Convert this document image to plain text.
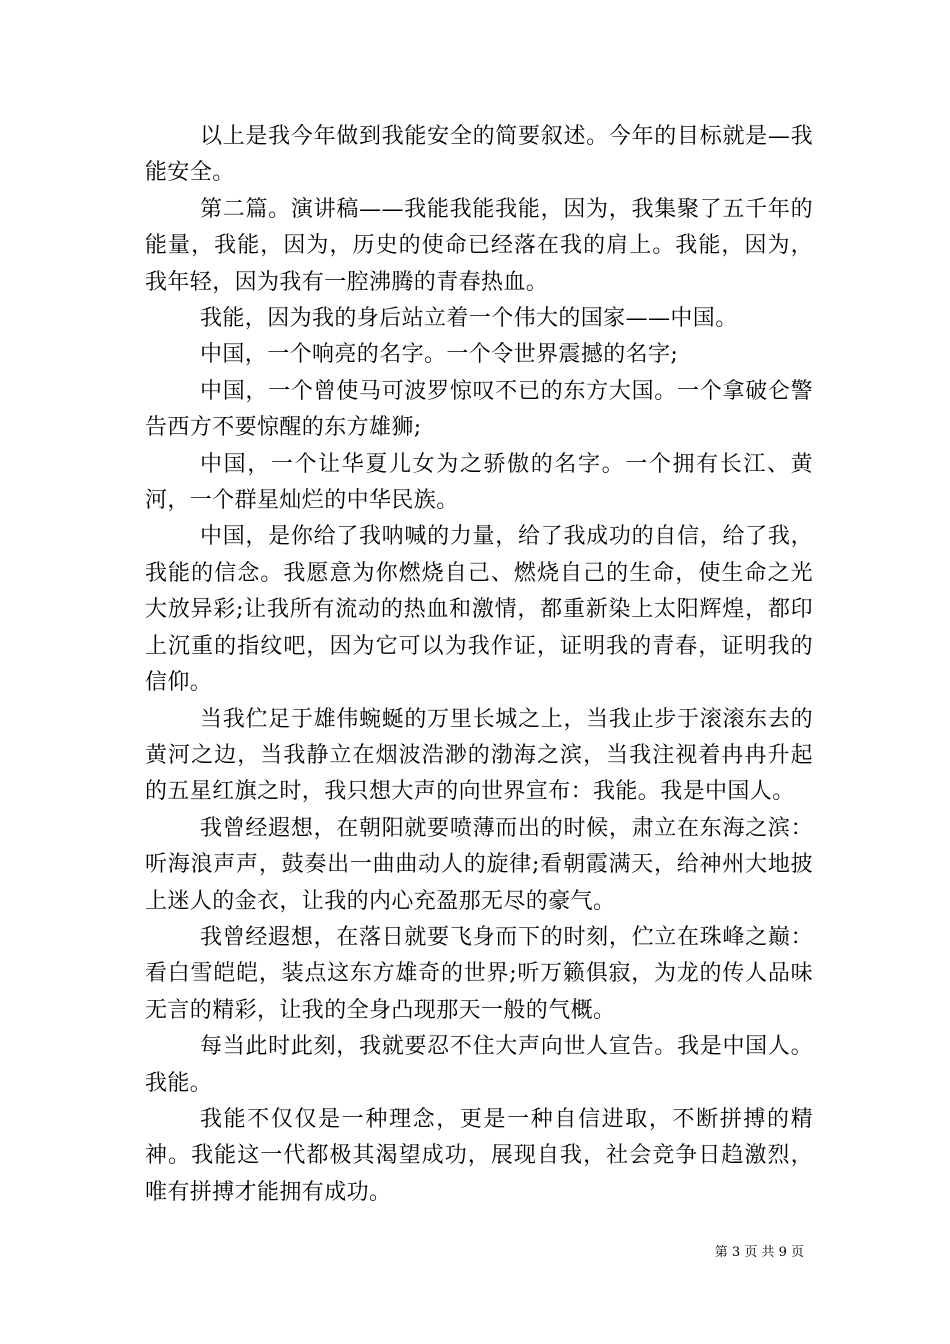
以上是我今年做到我能安全的简要叙述。今年的目标就是—我能安全。

第二篇。演讲稿——我能我能我能，因为，我集聚了五千年的能量，我能，因为，历史的使命已经落在我的肩上。我能，因为，我年轻，因为我有一腔沸腾的青春热血。

我能，因为我的身后站立着一个伟大的国家——中国。

中国，一个响亮的名字。一个令世界震撼的名字;

中国，一个曾使马可波罗惊叹不已的东方大国。一个拿破仑警告西方不要惊醒的东方雄狮;

中国，一个让华夏儿女为之骄傲的名字。一个拥有长江、黄河，一个群星灿烂的中华民族。

中国，是你给了我呐喊的力量，给了我成功的自信，给了我，我能的信念。我愿意为你燃烧自己、燃烧自己的生命，使生命之光大放异彩;让我所有流动的热血和激情，都重新染上太阳辉煌，都印上沉重的指纹吧，因为它可以为我作证，证明我的青春，证明我的信仰。

当我伫足于雄伟蜿蜒的万里长城之上，当我止步于滚滚东去的黄河之边，当我静立在烟波浩渺的渤海之滨，当我注视着冉冉升起的五星红旗之时，我只想大声的向世界宣布：我能。我是中国人。

我曾经遐想，在朝阳就要喷薄而出的时候，肃立在东海之滨：听海浪声声，鼓奏出一曲曲动人的旋律;看朝霞满天，给神州大地披上迷人的金衣，让我的内心充盈那无尽的豪气。

我曾经遐想，在落日就要飞身而下的时刻，伫立在珠峰之巅：看白雪皑皑，装点这东方雄奇的世界;听万籁俱寂，为龙的传人品味无言的精彩，让我的全身凸现那天一般的气概。

每当此时此刻，我就要忍不住大声向世人宣告。我是中国人。我能。

我能不仅仅是一种理念，更是一种自信进取，不断拼搏的精神。我能这一代都极其渴望成功，展现自我，社会竞争日趋激烈，唯有拼搏才能拥有成功。

第 3 页 共 9 页
